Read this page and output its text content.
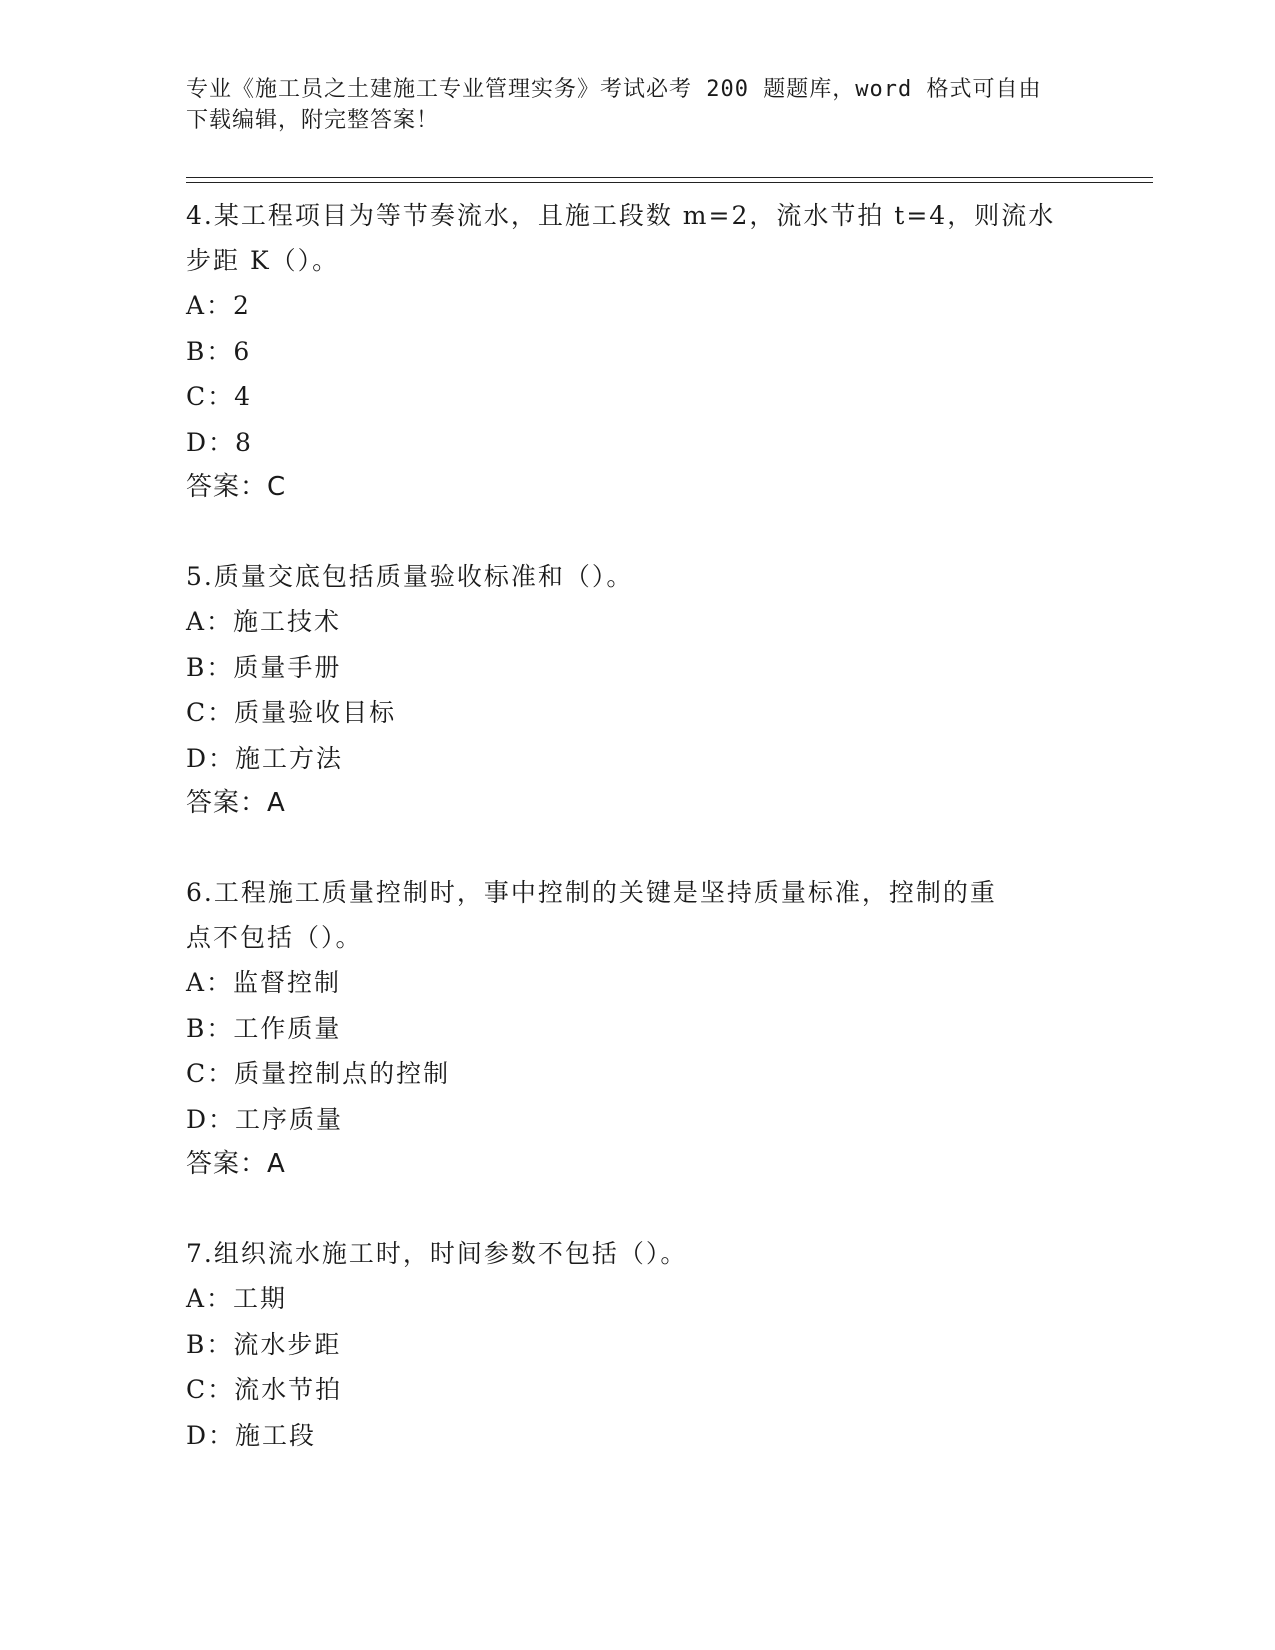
专业《施工员之土建施工专业管理实务》考试必考 200 题题库，word 格式可自由
下载编辑，附完整答案！

4.某工程项目为等节奏流水，且施工段数 m=2，流水节拍 t=4，则流水

步距 K（）。

A：2

B：6

C：4

D：8

答案：C

5.质量交底包括质量验收标准和（）。

A：施工技术

B：质量手册

C：质量验收目标

D：施工方法

答案：A

6.工程施工质量控制时，事中控制的关键是坚持质量标准，控制的重

点不包括（）。

A：监督控制

B：工作质量

C：质量控制点的控制

D：工序质量

答案：A

7.组织流水施工时，时间参数不包括（）。

A：工期

B：流水步距

C：流水节拍

D：施工段
